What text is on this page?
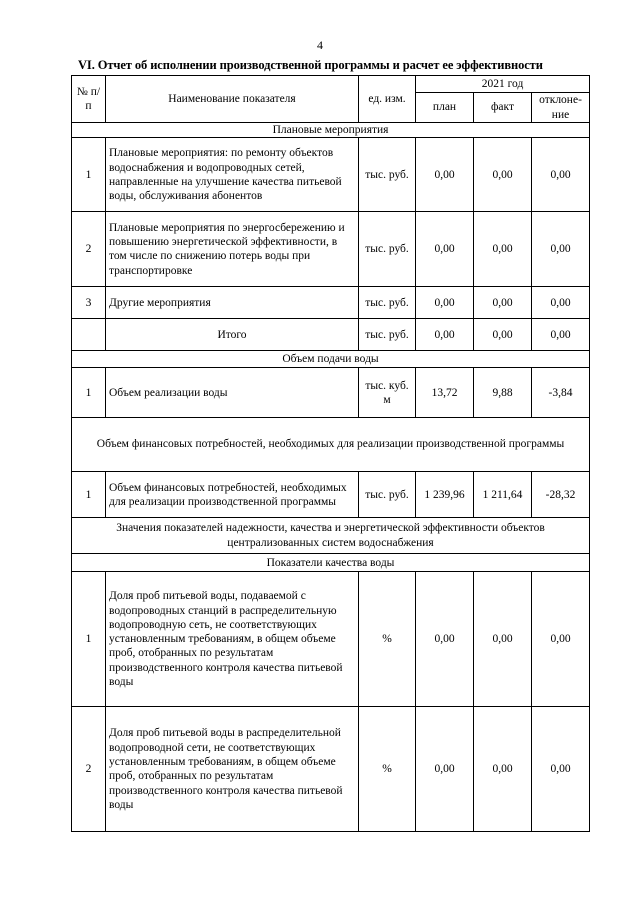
4
VI. Отчет об исполнении производственной программы и расчет ее эффективности
№ п/п	Наименование показателя	ед. изм.	2021 год		
			план	факт	отклоне-ние
Плановые мероприятия					
1	Плановые мероприятия: по ремонту объектов водоснабжения и водопроводных сетей, направленные на улучшение качества питьевой воды, обслуживания абонентов	тыс. руб.	0,00	0,00	0,00
2	Плановые мероприятия по энергосбережению и повышению энергетической эффективности, в том числе по снижению потерь воды при транспортировке	тыс. руб.	0,00	0,00	0,00
3	Другие мероприятия	тыс. руб.	0,00	0,00	0,00
	Итого	тыс. руб.	0,00	0,00	0,00
Объем подачи воды					
1	Объем реализации воды	тыс. куб. м	13,72	9,88	-3,84
Объем финансовых потребностей, необходимых для реализации производственной программы					
1	Объем финансовых потребностей, необходимых для реализации производственной программы	тыс. руб.	1 239,96	1 211,64	-28,32
Значения показателей надежности, качества и энергетической эффективности объектов централизованных систем водоснабжения					
Показатели качества воды					
1	Доля проб питьевой воды, подаваемой с водопроводных станций в распределительную водопроводную сеть, не соответствующих установленным требованиям, в общем объеме проб, отобранных по результатам производственного контроля качества питьевой воды	%	0,00	0,00	0,00
2	Доля проб питьевой воды в распределительной водопроводной сети, не соответствующих установленным требованиям, в общем объеме проб, отобранных по результатам производственного контроля качества питьевой воды	%	0,00	0,00	0,00
